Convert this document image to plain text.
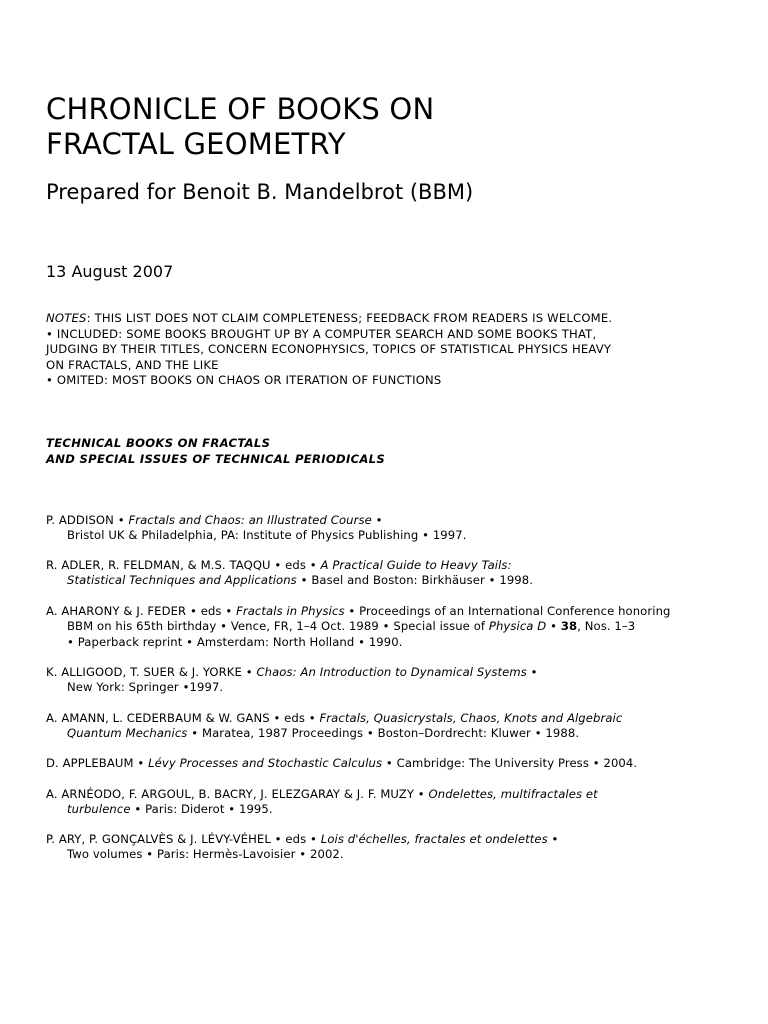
CHRONICLE OF BOOKS ON
FRACTAL GEOMETRY
Prepared for Benoit B. Mandelbrot (BBM)
13 August 2007
NOTES: THIS LIST DOES NOT CLAIM COMPLETENESS; FEEDBACK FROM READERS IS WELCOME.
• INCLUDED: SOME BOOKS BROUGHT UP BY A COMPUTER SEARCH AND SOME BOOKS THAT,
JUDGING BY THEIR TITLES, CONCERN ECONOPHYSICS, TOPICS OF STATISTICAL PHYSICS HEAVY
ON FRACTALS, AND THE LIKE
• OMITED: MOST BOOKS ON CHAOS OR ITERATION OF FUNCTIONS
TECHNICAL BOOKS ON FRACTALS
AND SPECIAL ISSUES OF TECHNICAL PERIODICALS
P. ADDISON • Fractals and Chaos: an Illustrated Course •
Bristol UK & Philadelphia, PA: Institute of Physics Publishing • 1997.
R. ADLER, R. FELDMAN, & M.S. TAQQU • eds • A Practical Guide to Heavy Tails:
Statistical Techniques and Applications • Basel and Boston: Birkhäuser • 1998.
A. AHARONY & J. FEDER • eds • Fractals in Physics • Proceedings of an International Conference honoring
BBM on his 65th birthday • Vence, FR, 1–4 Oct. 1989 • Special issue of Physica D • 38, Nos. 1–3
• Paperback reprint • Amsterdam: North Holland • 1990.
K. ALLIGOOD, T. SUER & J. YORKE • Chaos: An Introduction to Dynamical Systems •
New York: Springer •1997.
A. AMANN, L. CEDERBAUM & W. GANS • eds • Fractals, Quasicrystals, Chaos, Knots and Algebraic
Quantum Mechanics • Maratea, 1987 Proceedings • Boston–Dordrecht: Kluwer • 1988.
D. APPLEBAUM • Lévy Processes and Stochastic Calculus • Cambridge: The University Press • 2004.
A. ARNÉODO, F. ARGOUL, B. BACRY, J. ELEZGARAY & J. F. MUZY • Ondelettes, multifractales et
turbulence • Paris: Diderot • 1995.
P. ARY, P. GONÇALVÈS & J. LÉVY-VÉHEL • eds • Lois d'échelles, fractales et ondelettes •
Two volumes • Paris: Hermès-Lavoisier • 2002.
